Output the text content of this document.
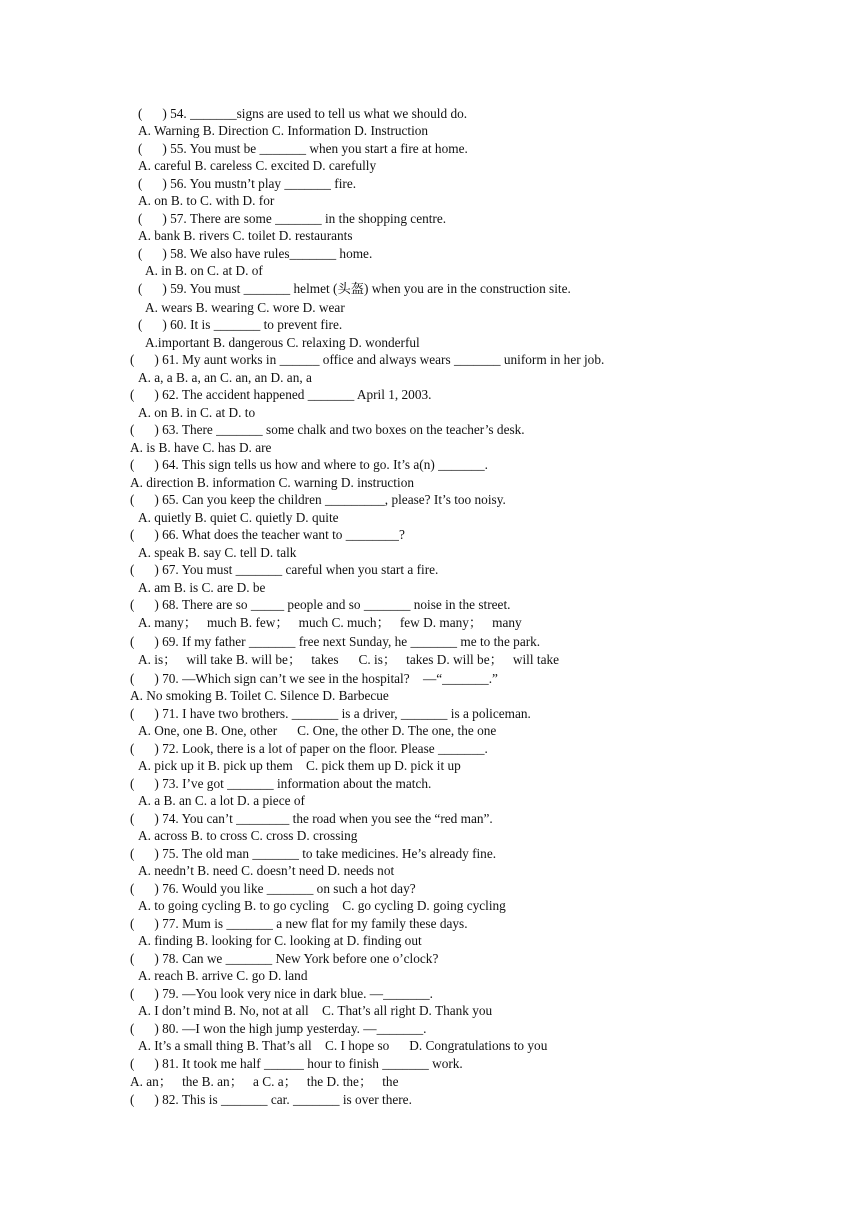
(      ) 54. _______signs are used to tell us what we should do.
A. Warning B. Direction C. Information D. Instruction
(      ) 55. You must be _______ when you start a fire at home.
A. careful B. careless C. excited D. carefully
(      ) 56. You mustn’t play _______ fire.
A. on B. to C. with D. for
(      ) 57. There are some _______ in the shopping centre.
A. bank B. rivers C. toilet D. restaurants
(      ) 58. We also have rules_______ home.
A. in B. on C. at D. of
(      ) 59. You must _______ helmet (头盔) when you are in the construction site.
A. wears B. wearing C. wore D. wear
(      ) 60. It is _______ to prevent fire.
A.important B. dangerous C. relaxing D. wonderful
(      ) 61. My aunt works in ______ office and always wears _______ uniform in her job.
A. a, a B. a, an C. an, an D. an, a
(      ) 62. The accident happened _______ April 1, 2003.
A. on B. in C. at D. to
(      ) 63. There _______ some chalk and two boxes on the teacher’s desk.
A. is B. have C. has D. are
(      ) 64. This sign tells us how and where to go. It’s a(n) _______.
A. direction B. information C. warning D. instruction
(      ) 65. Can you keep the children _________, please? It’s too noisy.
A. quietly B. quiet C. quietly D. quite
(      ) 66. What does the teacher want to ________?
A. speak B. say C. tell D. talk
(      ) 67. You must _______ careful when you start a fire.
A. am B. is C. are D. be
(      ) 68. There are so _____ people and so _______ noise in the street.
A. many；   much B. few；   much C. much；   few D. many；   many
(      ) 69. If my father _______ free next Sunday, he _______ me to the park.
A. is；   will take B. will be；   takes      C. is；   takes D. will be；   will take
(      ) 70. —Which sign can’t we see in the hospital?    —“_______.”
A. No smoking B. Toilet C. Silence D. Barbecue
(      ) 71. I have two brothers. _______ is a driver, _______ is a policeman.
A. One, one B. One, other      C. One, the other D. The one, the one
(      ) 72. Look, there is a lot of paper on the floor. Please _______.
A. pick up it B. pick up them    C. pick them up D. pick it up
(      ) 73. I’ve got _______ information about the match.
A. a B. an C. a lot D. a piece of
(      ) 74. You can’t ________ the road when you see the “red man”.
A. across B. to cross C. cross D. crossing
(      ) 75. The old man _______ to take medicines. He’s already fine.
A. needn’t B. need C. doesn’t need D. needs not
(      ) 76. Would you like _______ on such a hot day?
A. to going cycling B. to go cycling    C. go cycling D. going cycling
(      ) 77. Mum is _______ a new flat for my family these days.
A. finding B. looking for C. looking at D. finding out
(      ) 78. Can we _______ New York before one o’clock?
A. reach B. arrive C. go D. land
(      ) 79. —You look very nice in dark blue. —_______.
A. I don’t mind B. No, not at all    C. That’s all right D. Thank you
(      ) 80. —I won the high jump yesterday. —_______.
A. It’s a small thing B. That’s all    C. I hope so      D. Congratulations to you
(      ) 81. It took me half ______ hour to finish _______ work.
A. an；   the B. an；   a C. a；   the D. the；   the
(      ) 82. This is _______ car. _______ is over there.
